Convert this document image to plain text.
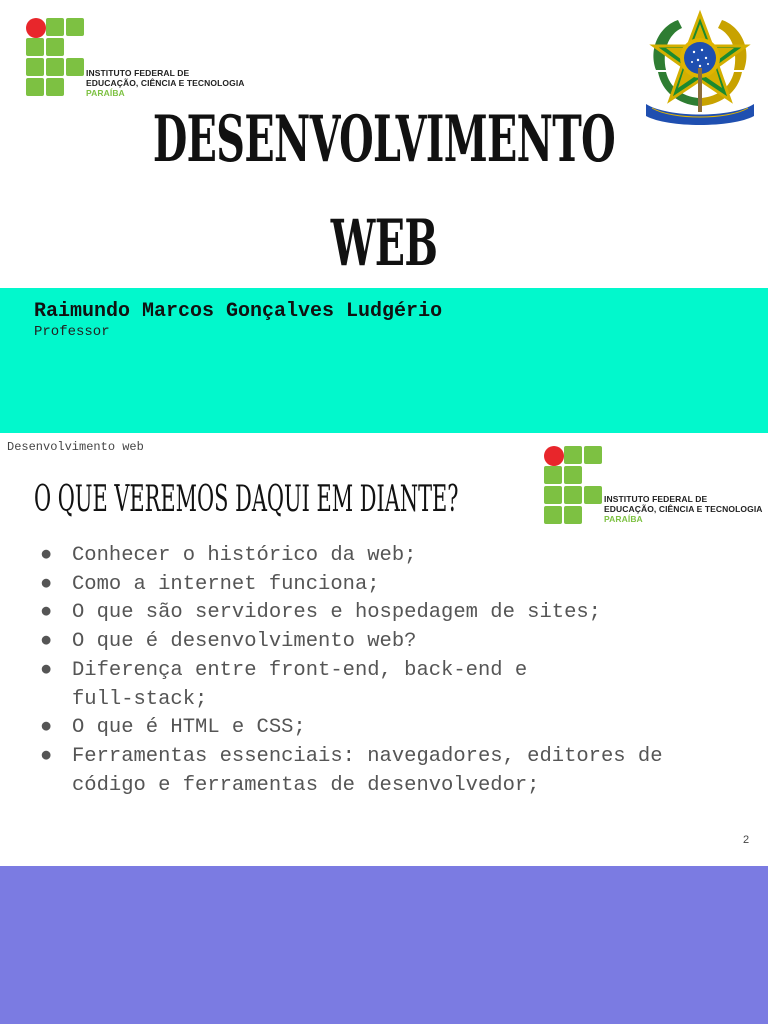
INSTITUTO FEDERAL DE
EDUCAÇÃO, CIÊNCIA E TECNOLOGIA
PARAÍBA
DESENVOLVIMENTO
WEB
Raimundo Marcos Gonçalves Ludgério
Professor
Desenvolvimento web
O QUE VEREMOS DAQUI EM DIANTE?	INSTITUTO FEDERAL DE
EDUCAÇÃO, CIÊNCIA E TECNOLOGIA
PARAÍBA
● Conhecer o histórico da web;
● Como a internet funciona;
● O que são servidores e hospedagem de sites;
● O que é desenvolvimento web?
● Diferença entre front-end, back-end e
full-stack;
● O que é HTML e CSS;
● Ferramentas essenciais: navegadores, editores de
código e ferramentas de desenvolvedor;
2
